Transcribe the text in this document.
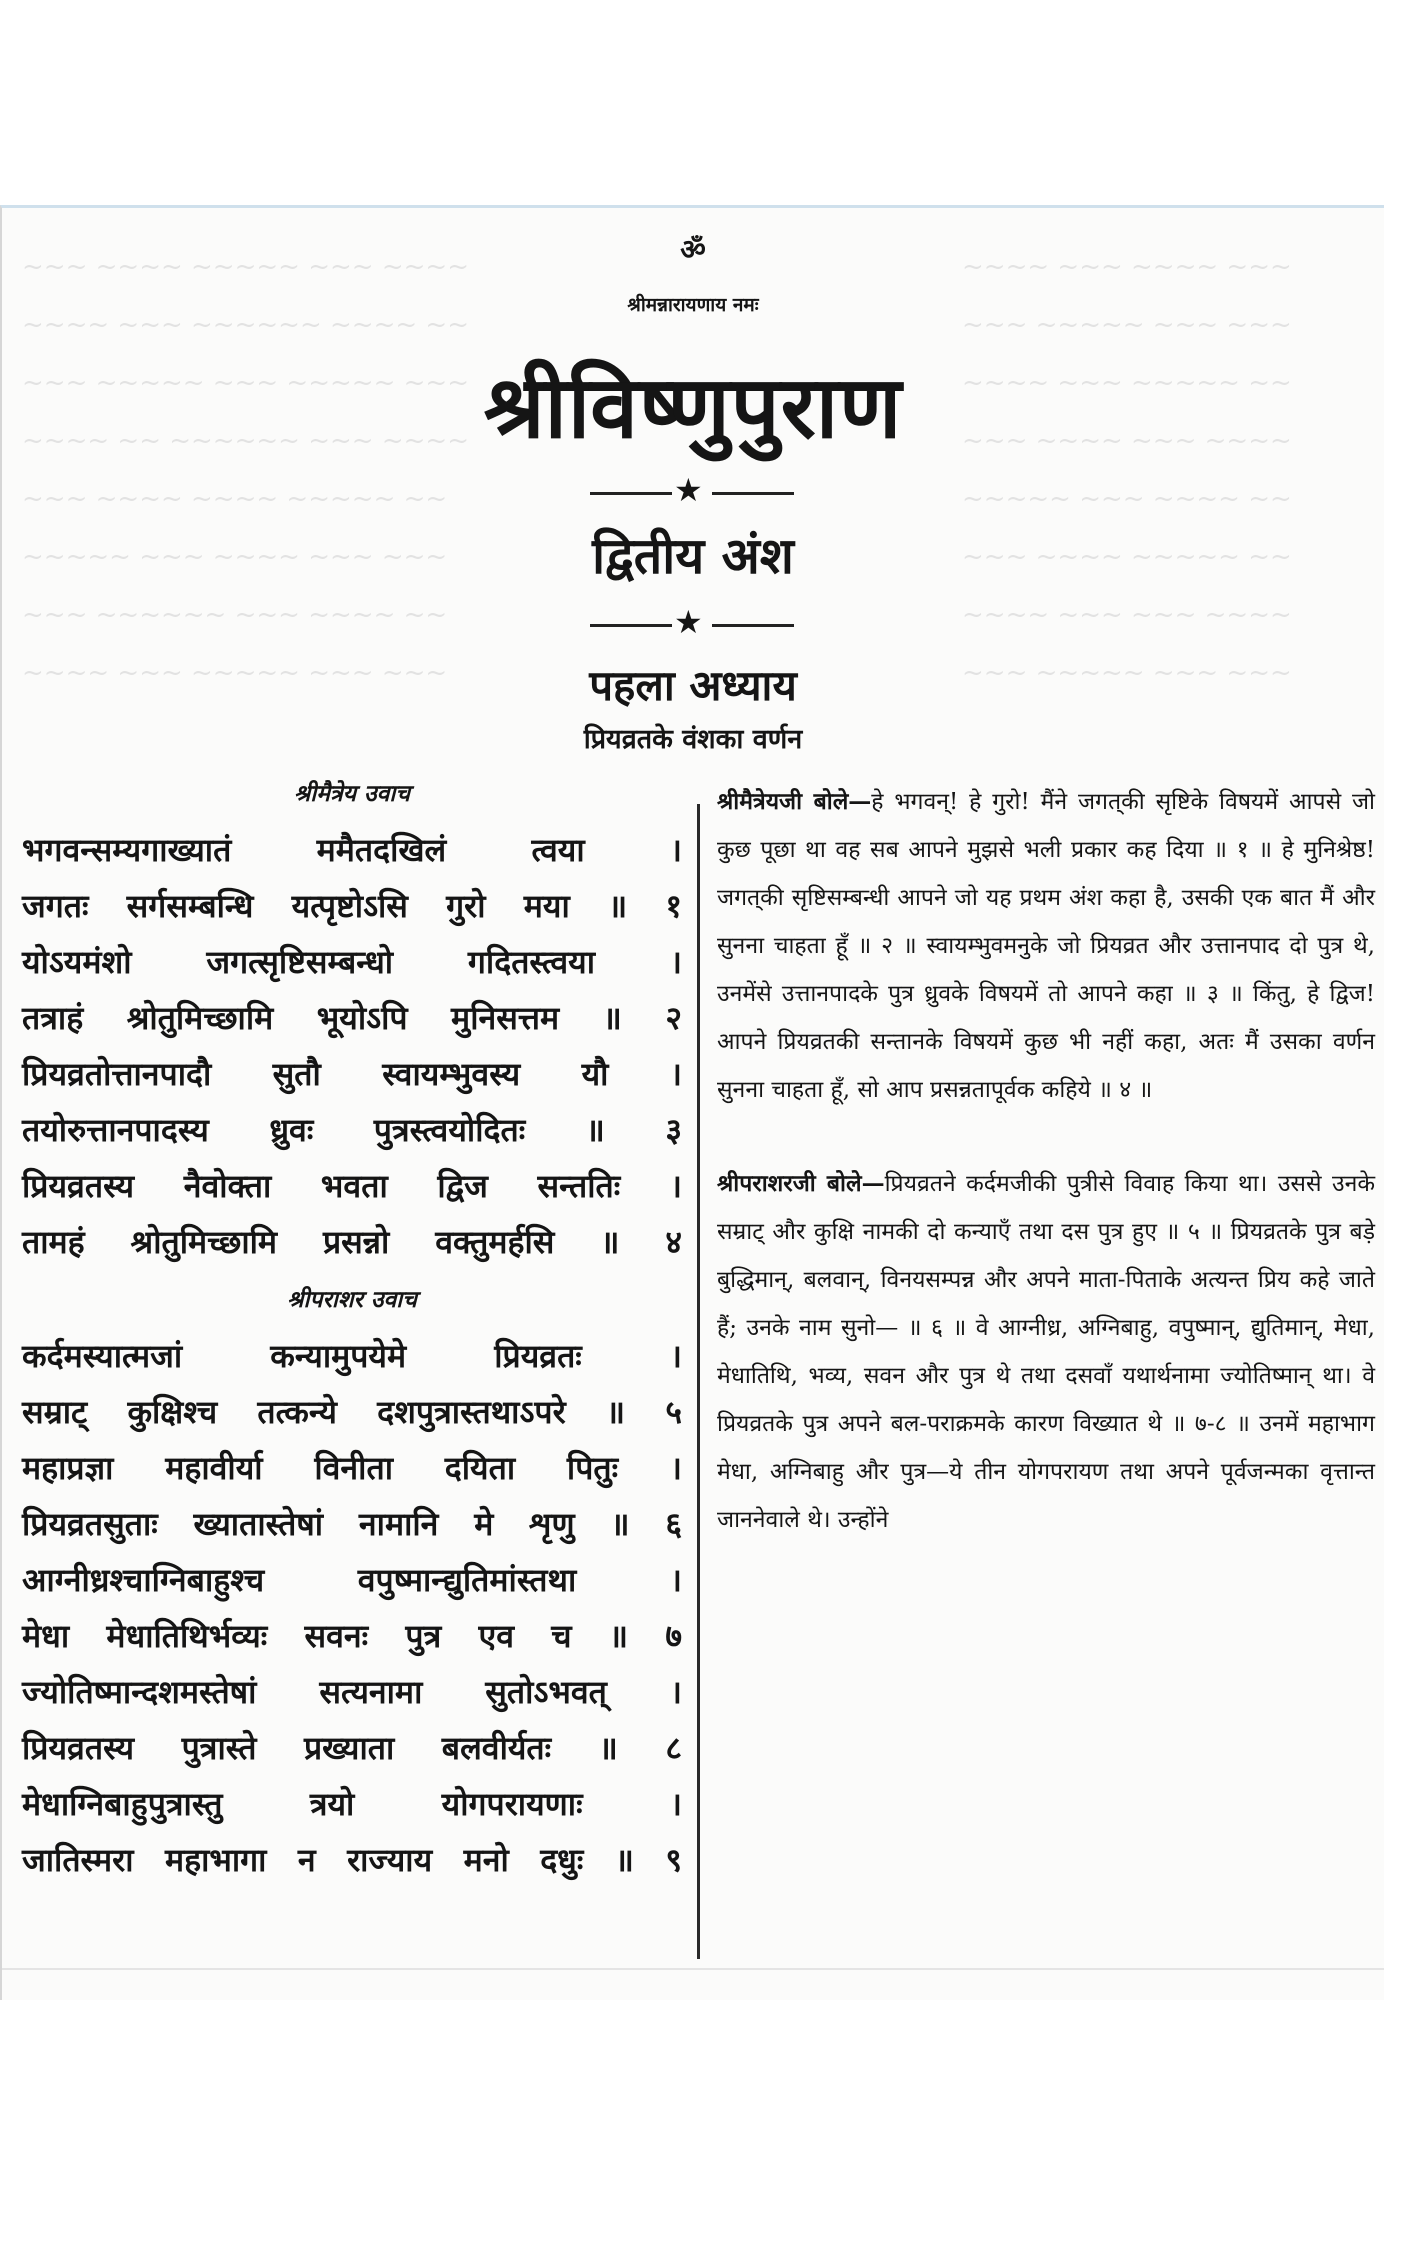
~~~ ~~~~ ~~~~~ ~~~ ~~~~
~~~~ ~~~ ~~~~~~ ~~~~ ~~
~~~ ~~~~~ ~~~ ~~~~~ ~~~
~~~~ ~~ ~~~~~~ ~~~ ~~~~
~~~ ~~~~ ~~~~ ~~~~~ ~~
~~~~~ ~~~ ~~~~ ~~~ ~~~
~~~ ~~~~~~ ~~~ ~~~~ ~~
~~~~ ~~~ ~~~~~ ~~~ ~~~
~~~~ ~~~ ~~~~ ~~~
~~~ ~~~~~ ~~~ ~~~
~~~~ ~~~ ~~~~~ ~~
~~~ ~~~~ ~~~ ~~~~
~~~~~ ~~~ ~~~~ ~~
~~~ ~~~~ ~~~~~ ~~
~~~~ ~~~ ~~~ ~~~~
~~~ ~~~~~ ~~~ ~~~
ॐ
श्रीमन्नारायणाय नमः
श्रीविष्णुपुराण
★
द्वितीय अंश
★
पहला अध्याय
प्रियव्रतके वंशका वर्णन
श्रीमैत्रेय उवाच
भगवन्सम्यगाख्यातं ममैतदखिलं त्वया ।
जगतः सर्गसम्बन्धि यत्पृष्टोऽसि गुरो मया ॥ १
योऽयमंशो जगत्सृष्टिसम्बन्धो गदितस्त्वया ।
तत्राहं श्रोतुमिच्छामि भूयोऽपि मुनिसत्तम ॥ २
प्रियव्रतोत्तानपादौ सुतौ स्वायम्भुवस्य यौ ।
तयोरुत्तानपादस्य ध्रुवः पुत्रस्त्वयोदितः ॥ ३
प्रियव्रतस्य नैवोक्ता भवता द्विज सन्ततिः ।
तामहं श्रोतुमिच्छामि प्रसन्नो वक्तुमर्हसि ॥ ४
श्रीपराशर उवाच
कर्दमस्यात्मजां कन्यामुपयेमे प्रियव्रतः ।
सम्राट् कुक्षिश्च तत्कन्ये दशपुत्रास्तथाऽपरे ॥ ५
महाप्रज्ञा महावीर्या विनीता दयिता पितुः ।
प्रियव्रतसुताः ख्यातास्तेषां नामानि मे शृणु ॥ ६
आग्नीध्रश्चाग्निबाहुश्च वपुष्मान्द्युतिमांस्तथा ।
मेधा मेधातिथिर्भव्यः सवनः पुत्र एव च ॥ ७
ज्योतिष्मान्दशमस्तेषां सत्यनामा सुतोऽभवत् ।
प्रियव्रतस्य पुत्रास्ते प्रख्याता बलवीर्यतः ॥ ८
मेधाग्निबाहुपुत्रास्तु त्रयो योगपरायणाः ।
जातिस्मरा महाभागा न राज्याय मनो दधुः ॥ ९

श्रीमैत्रेयजी बोले—हे भगवन्! हे गुरो! मैंने जगत्‌की सृष्टिके विषयमें आपसे जो कुछ पूछा था वह सब आपने मुझसे भली प्रकार कह दिया ॥ १ ॥ हे मुनिश्रेष्ठ! जगत्‌की सृष्टिसम्बन्धी आपने जो यह प्रथम अंश कहा है, उसकी एक बात मैं और सुनना चाहता हूँ ॥ २ ॥ स्वायम्भुवमनुके जो प्रियव्रत और उत्तानपाद दो पुत्र थे, उनमेंसे उत्तानपादके पुत्र ध्रुवके विषयमें तो आपने कहा ॥ ३ ॥ किंतु, हे द्विज! आपने प्रियव्रतकी सन्तानके विषयमें कुछ भी नहीं कहा, अतः मैं उसका वर्णन सुनना चाहता हूँ, सो आप प्रसन्नतापूर्वक कहिये ॥ ४ ॥

श्रीपराशरजी बोले—प्रियव्रतने कर्दमजीकी पुत्रीसे विवाह किया था। उससे उनके सम्राट् और कुक्षि नामकी दो कन्याएँ तथा दस पुत्र हुए ॥ ५ ॥ प्रियव्रतके पुत्र बड़े बुद्धिमान्, बलवान्, विनयसम्पन्न और अपने माता-पिताके अत्यन्त प्रिय कहे जाते हैं; उनके नाम सुनो— ॥ ६ ॥ वे आग्नीध्र, अग्निबाहु, वपुष्मान्, द्युतिमान्, मेधा, मेधातिथि, भव्य, सवन और पुत्र थे तथा दसवाँ यथार्थनामा ज्योतिष्मान् था। वे प्रियव्रतके पुत्र अपने बल-पराक्रमके कारण विख्यात थे ॥ ७-८ ॥ उनमें महाभाग मेधा, अग्निबाहु और पुत्र—ये तीन योगपरायण तथा अपने पूर्वजन्मका वृत्तान्त जाननेवाले थे। उन्होंने
